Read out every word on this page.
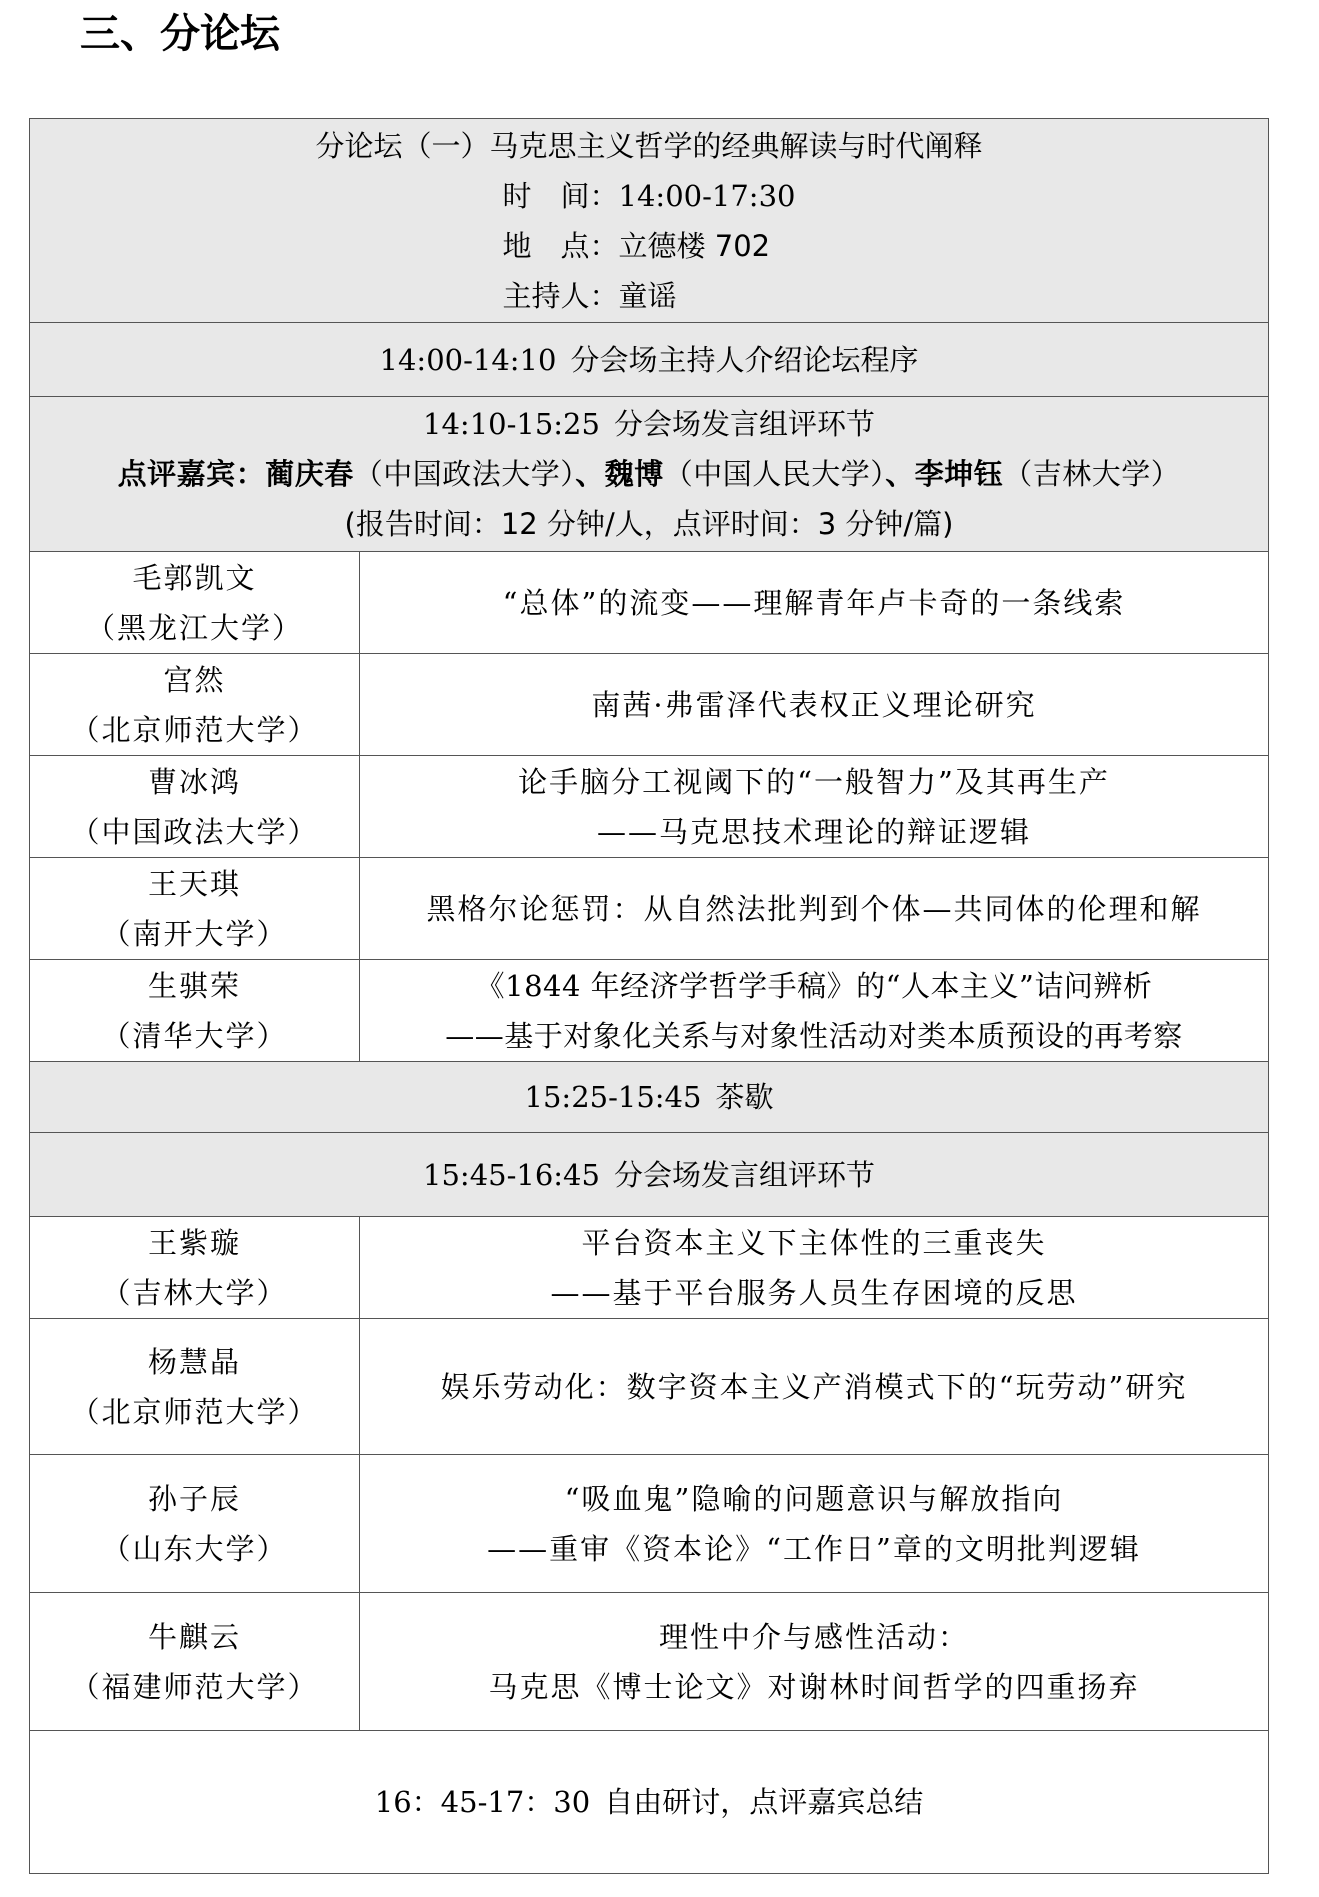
三、分论坛
分论坛（一）马克思主义哲学的经典解读与时代阐释
时　间：14:00-17:30
地　点：立德楼 702
主持人：童谣	

14:00-14:10 分会场主持人介绍论坛程序	

14:10-15:25 分会场发言组评环节
点评嘉宾：蔺庆春（中国政法大学）、魏博（中国人民大学）、李坤钰（吉林大学）
(报告时间：12 分钟/人，点评时间：3 分钟/篇)	

毛郭凯文
（黑龙江大学）	“总体”的流变——理解青年卢卡奇的一条线索

宫然
（北京师范大学）	南茜·弗雷泽代表权正义理论研究

曹冰鸿
（中国政法大学）	论手脑分工视阈下的“一般智力”及其再生产
——马克思技术理论的辩证逻辑

王天琪
（南开大学）	黑格尔论惩罚：从自然法批判到个体—共同体的伦理和解

生骐荣
（清华大学）	《1844 年经济学哲学手稿》的“人本主义”诘问辨析
——基于对象化关系与对象性活动对类本质预设的再考察

15:25-15:45 茶歇	
15:45-16:45 分会场发言组评环节	

王紫璇
（吉林大学）	平台资本主义下主体性的三重丧失
——基于平台服务人员生存困境的反思

杨慧晶
（北京师范大学）	娱乐劳动化：数字资本主义产消模式下的“玩劳动”研究

孙子辰
（山东大学）	“吸血鬼”隐喻的问题意识与解放指向
——重审《资本论》“工作日”章的文明批判逻辑

牛麒云
（福建师范大学）	理性中介与感性活动：
马克思《博士论文》对谢林时间哲学的四重扬弃

16：45-17：30 自由研讨，点评嘉宾总结	
